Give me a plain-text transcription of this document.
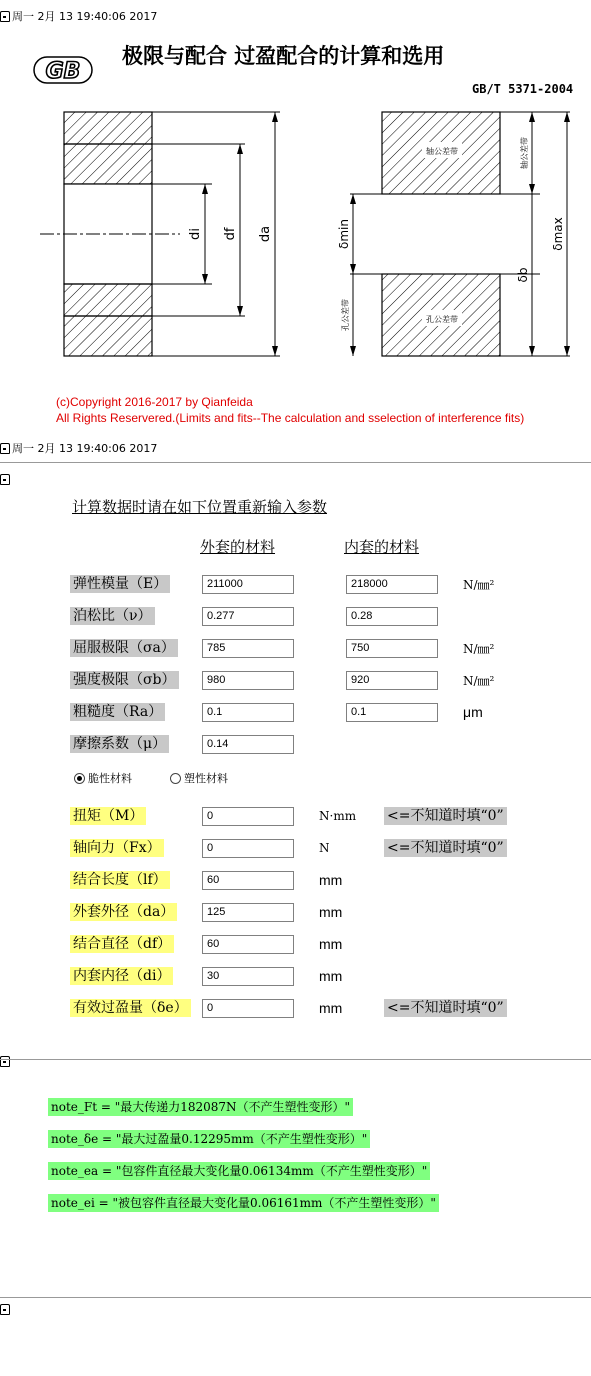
周一 2月 13 19:40:06 2017
GB
极限与配合 过盈配合的计算和选用
GB/T 5371-2004
di df da
轴公差带
孔公差带
δmin
孔公差带
轴公差带
δb
δmax
(c)Copyright 2016-2017 by Qianfeida
All Rights Reservered.(Limits and fits--The calculation and sselection of interference fits)
周一 2月 13 19:40:06 2017
计算数据时请在如下位置重新输入参数
外套的材料	内套的材料
弹性模量（E）	211000	218000	N/㎜²
泊松比（ν）	0.277	0.28
屈服极限（σa）	785	750	N/㎜²
强度极限（σb）	980	920	N/㎜²
粗糙度（Ra）	0.1	0.1	μm
摩擦系数（μ）	0.14
脆性材料	塑性材料
扭矩（M）	0	N·mm <=不知道时填“0”
轴向力（Fx）	0	N	<=不知道时填“0”
结合长度（lf）	60	mm
外套外径（da）	125	mm
结合直径（df）	60	mm
内套内径（di）	30	mm
有效过盈量（δe）	0	mm	<=不知道时填“0”
note_Ft = "最大传递力182087N（不产生塑性变形）"
note_δe = "最大过盈量0.12295mm（不产生塑性变形）"
note_ea = "包容件直径最大变化量0.06134mm（不产生塑性变形）"
note_ei = "被包容件直径最大变化量0.06161mm（不产生塑性变形）"
